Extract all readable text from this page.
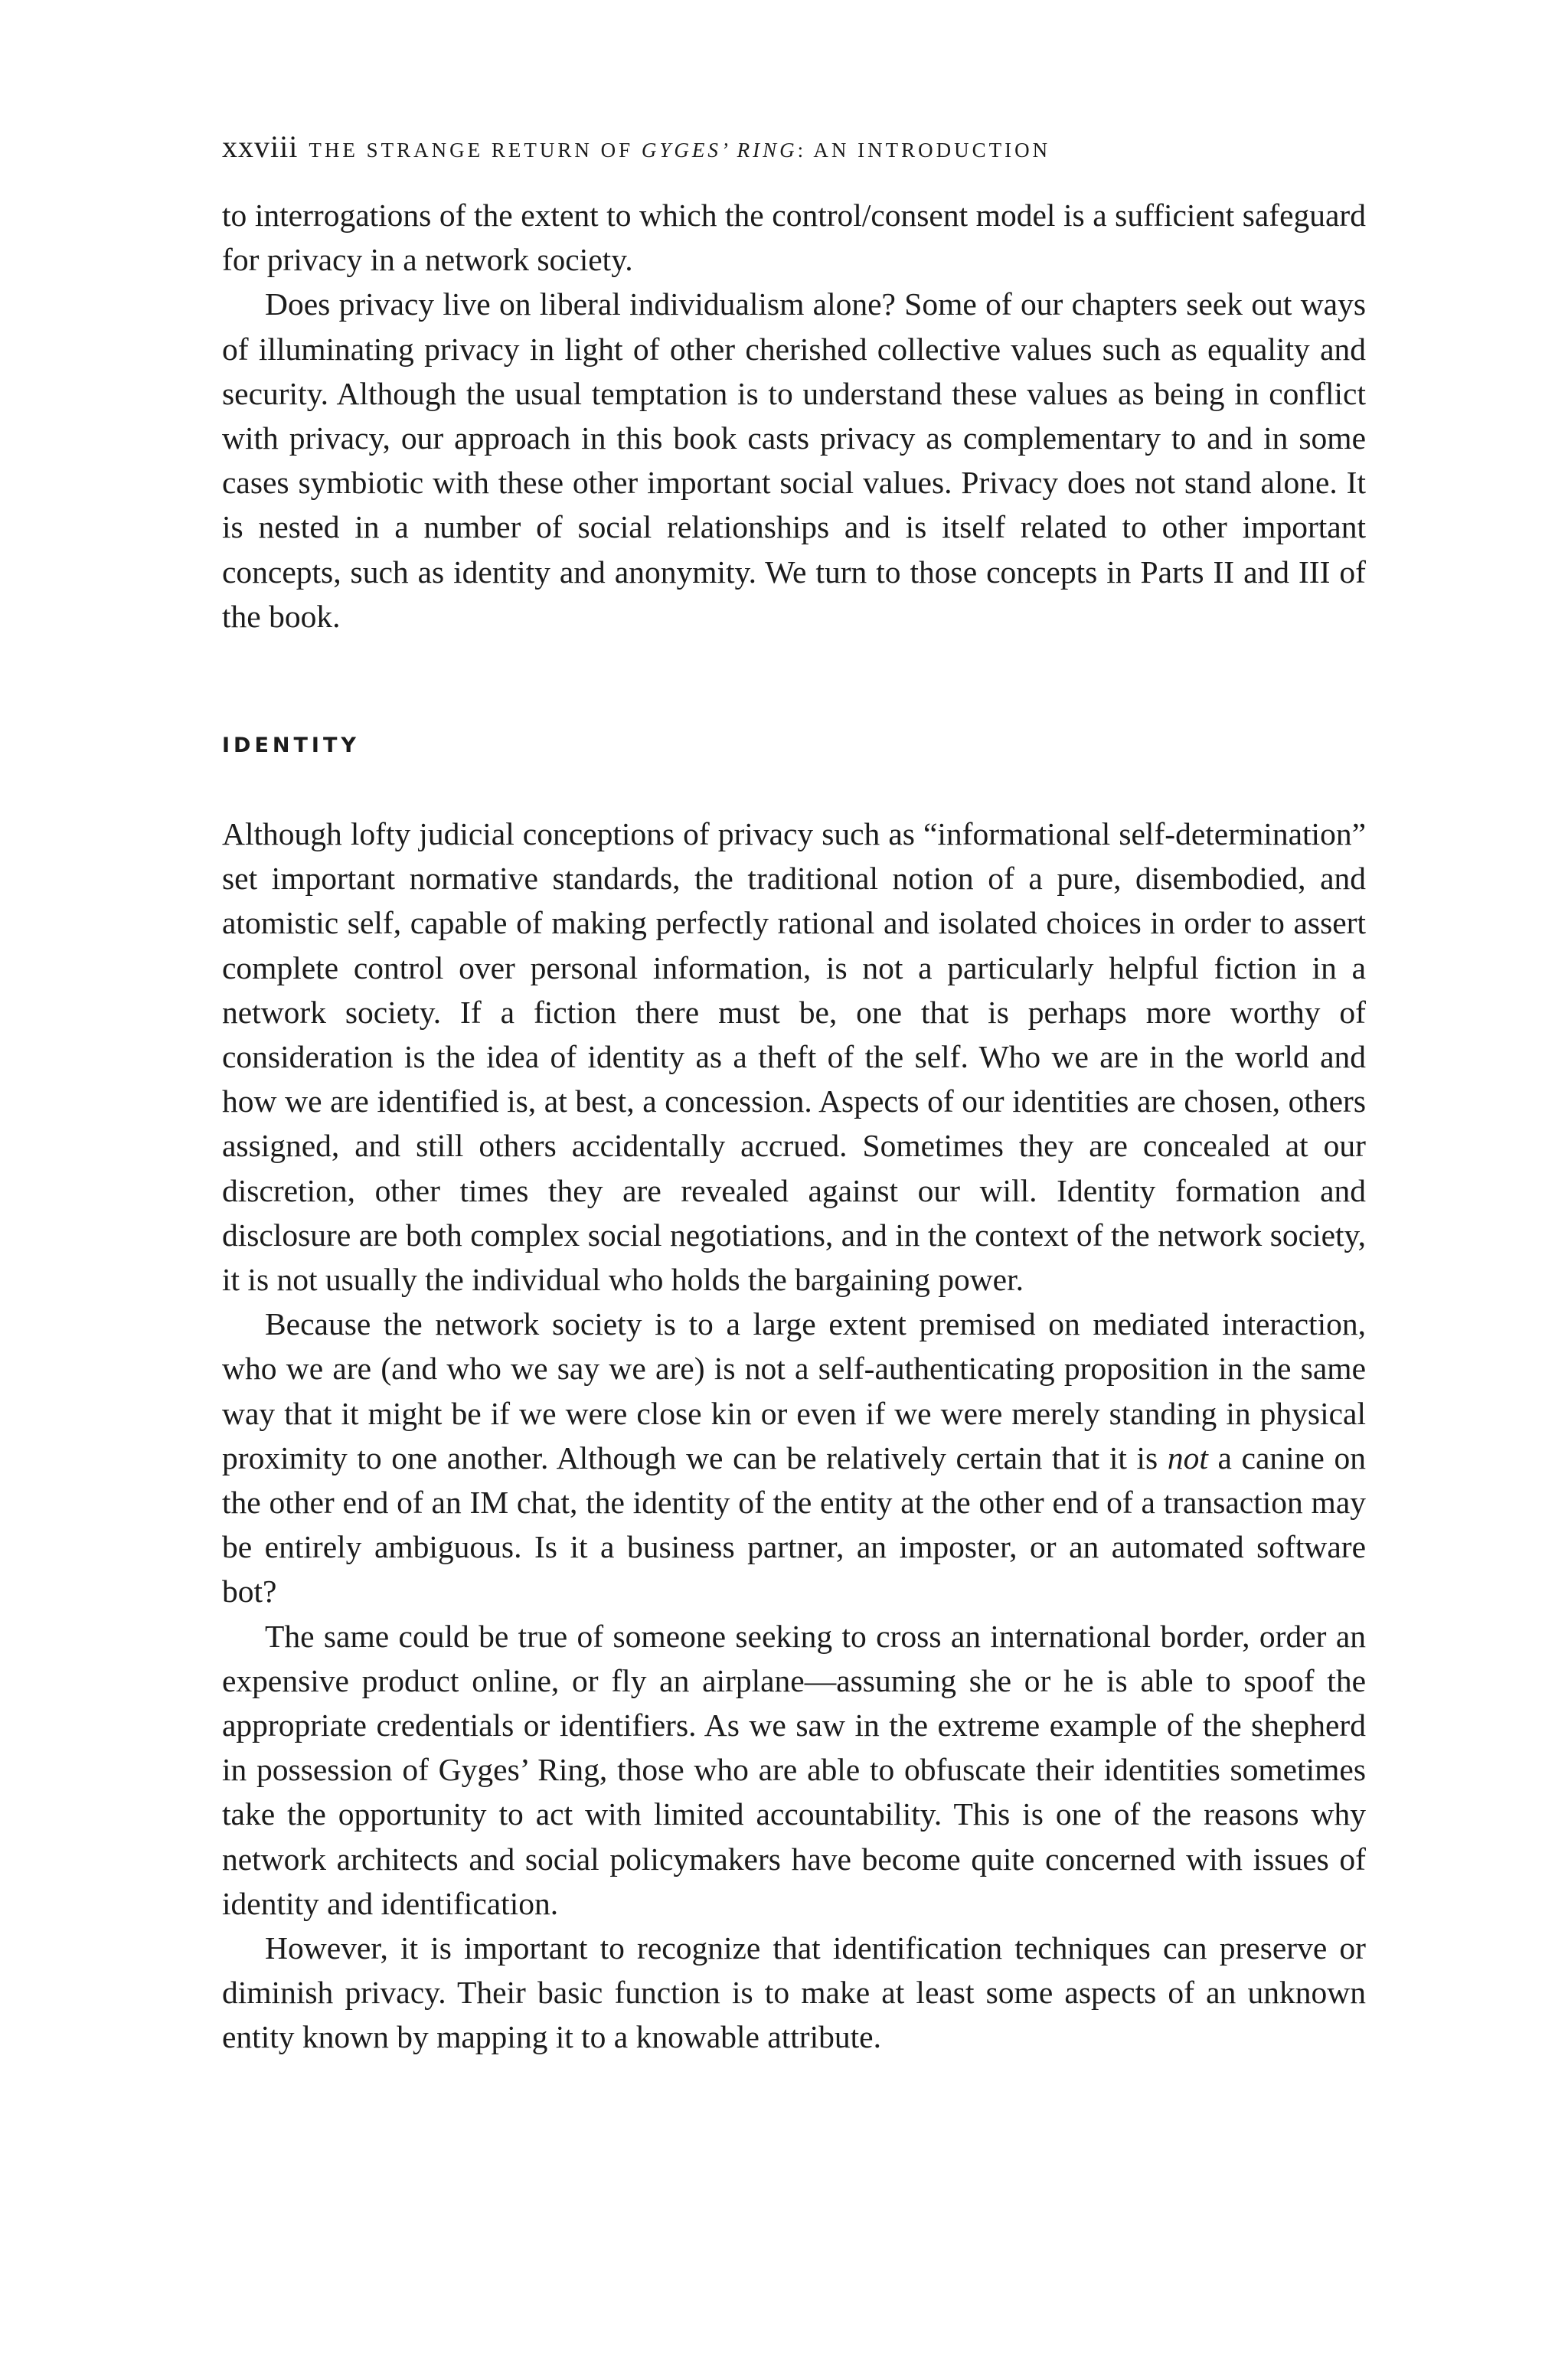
xxviii THE STRANGE RETURN OF GYGES’ RING: AN INTRODUCTION

to interrogations of the extent to which the control/consent model is a sufficient safeguard for privacy in a network society.

Does privacy live on liberal individualism alone? Some of our chapters seek out ways of illuminating privacy in light of other cherished collective values such as equality and security. Although the usual temptation is to understand these values as being in conflict with privacy, our approach in this book casts privacy as complementary to and in some cases symbiotic with these other important social values. Privacy does not stand alone. It is nested in a number of social relationships and is itself related to other important concepts, such as identity and anonymity. We turn to those concepts in Parts II and III of the book.

IDENTITY

Although lofty judicial conceptions of privacy such as “informational self-determination” set important normative standards, the traditional notion of a pure, disembodied, and atomistic self, capable of making perfectly rational and isolated choices in order to assert complete control over personal information, is not a particularly helpful fiction in a network society. If a fiction there must be, one that is perhaps more worthy of consideration is the idea of identity as a theft of the self. Who we are in the world and how we are identified is, at best, a concession. Aspects of our identities are chosen, others assigned, and still others accidentally accrued. Sometimes they are concealed at our discretion, other times they are revealed against our will. Identity formation and disclosure are both complex social negotiations, and in the context of the network society, it is not usually the individual who holds the bargaining power.

Because the network society is to a large extent premised on mediated interaction, who we are (and who we say we are) is not a self-authenticating proposition in the same way that it might be if we were close kin or even if we were merely standing in physical proximity to one another. Although we can be relatively certain that it is not a canine on the other end of an IM chat, the identity of the entity at the other end of a transaction may be entirely ambiguous. Is it a business partner, an imposter, or an automated software bot?

The same could be true of someone seeking to cross an international border, order an expensive product online, or fly an airplane—assuming she or he is able to spoof the appropriate credentials or identifiers. As we saw in the extreme example of the shepherd in possession of Gyges’ Ring, those who are able to obfuscate their identities sometimes take the opportunity to act with limited accountability. This is one of the reasons why network architects and social policymakers have become quite concerned with issues of identity and identification.

However, it is important to recognize that identification techniques can preserve or diminish privacy. Their basic function is to make at least some aspects of an unknown entity known by mapping it to a knowable attribute.
